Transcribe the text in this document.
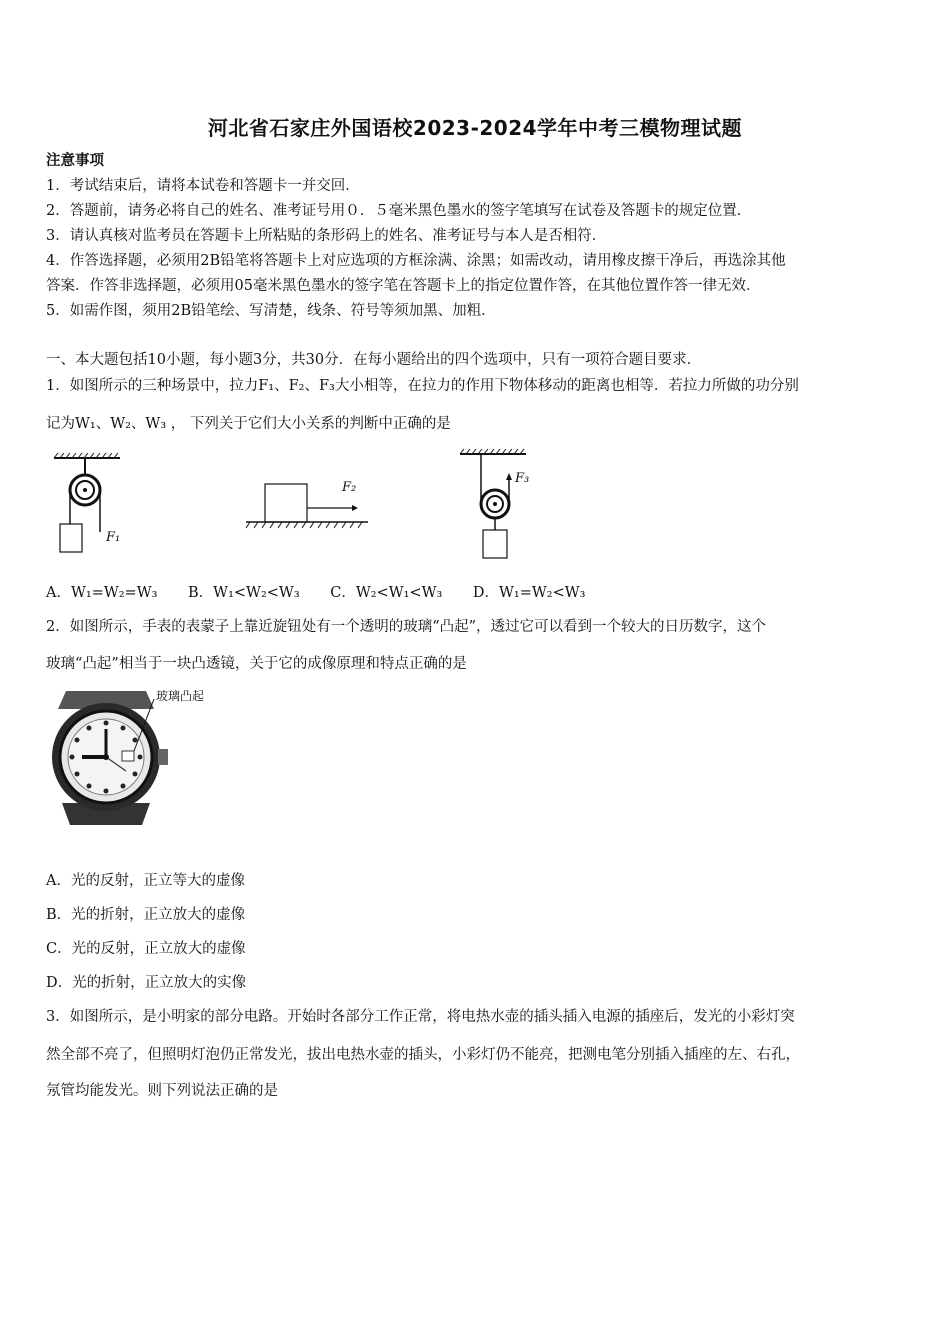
河北省石家庄外国语校2023-2024学年中考三模物理试题
注意事项
1．考试结束后，请将本试卷和答题卡一并交回．
2．答题前，请务必将自己的姓名、准考证号用０．５毫米黑色墨水的签字笔填写在试卷及答题卡的规定位置．
3．请认真核对监考员在答题卡上所粘贴的条形码上的姓名、准考证号与本人是否相符．
4．作答选择题，必须用2B铅笔将答题卡上对应选项的方框涂满、涂黑；如需改动，请用橡皮擦干净后，再选涂其他
答案．作答非选择题，必须用05毫米黑色墨水的签字笔在答题卡上的指定位置作答，在其他位置作答一律无效．
5．如需作图，须用2B铅笔绘、写清楚，线条、符号等须加黑、加粗．
一、本大题包括10小题，每小题3分，共30分．在每小题给出的四个选项中，只有一项符合题目要求．
1．如图所示的三种场景中，拉力F₁、F₂、F₃大小相等，在拉力的作用下物体移动的距离也相等．若拉力所做的功分别
记为W₁、W₂、W₃ ， 下列关于它们大小关系的判断中正确的是
F₁
F₂
F₃
A．W₁=W₂=W₃ B．W₁<W₂<W₃ C．W₂<W₁<W₃ D．W₁=W₂<W₃
2．如图所示，手表的表蒙子上靠近旋钮处有一个透明的玻璃“凸起”，透过它可以看到一个较大的日历数字，这个
玻璃“凸起”相当于一块凸透镜，关于它的成像原理和特点正确的是
玻璃凸起
A．光的反射，正立等大的虚像
B．光的折射，正立放大的虚像
C．光的反射，正立放大的虚像
D．光的折射，正立放大的实像
3．如图所示，是小明家的部分电路。开始时各部分工作正常，将电热水壶的插头插入电源的插座后，发光的小彩灯突
然全部不亮了，但照明灯泡仍正常发光，拔出电热水壶的插头，小彩灯仍不能亮，把测电笔分别插入插座的左、右孔，
氖管均能发光。则下列说法正确的是
